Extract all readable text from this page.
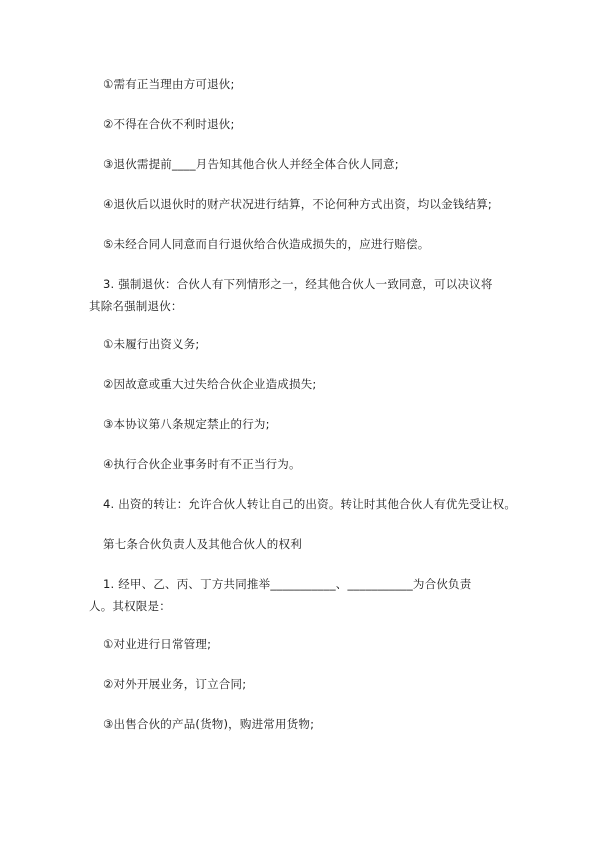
①需有正当理由方可退伙;
②不得在合伙不利时退伙;
③退伙需提前____月告知其他合伙人并经全体合伙人同意;
④退伙后以退伙时的财产状况进行结算，不论何种方式出资，均以金钱结算;
⑤未经合同人同意而自行退伙给合伙造成损失的，应进行赔偿。
3. 强制退伙：合伙人有下列情形之一，经其他合伙人一致同意，可以决议将其除名强制退伙：
①未履行出资义务;
②因故意或重大过失给合伙企业造成损失;
③本协议第八条规定禁止的行为;
④执行合伙企业事务时有不正当行为。
4. 出资的转让：允许合伙人转让自己的出资。转让时其他合伙人有优先受让权。
第七条合伙负责人及其他合伙人的权利
1. 经甲、乙、丙、丁方共同推举___________、___________为合伙负责人。其权限是：
①对业进行日常管理;
②对外开展业务，订立合同;
③出售合伙的产品(货物)，购进常用货物;
